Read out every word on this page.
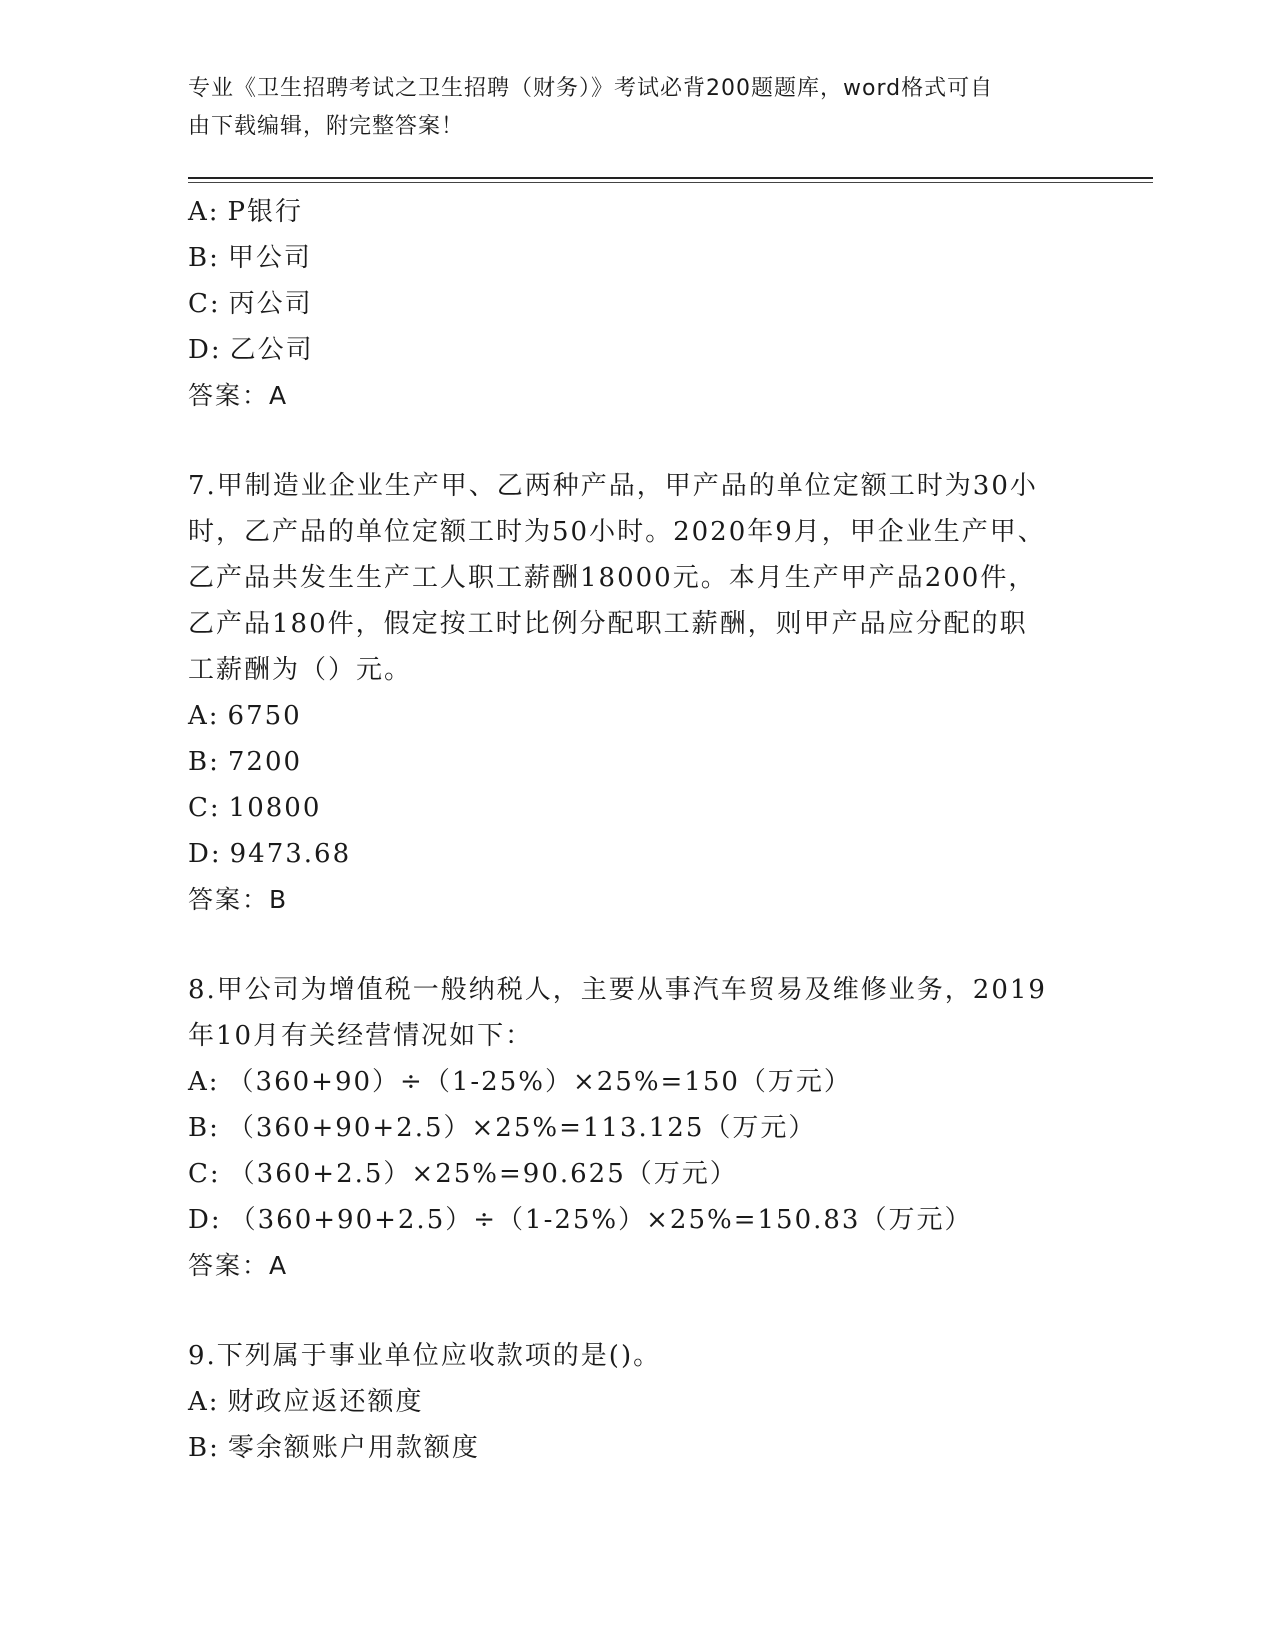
专业《卫生招聘考试之卫生招聘（财务）》考试必背200题题库，word格式可自
由下载编辑，附完整答案！
A: P银行
B: 甲公司
C: 丙公司
D: 乙公司
答案：A
7.甲制造业企业生产甲、乙两种产品，甲产品的单位定额工时为30小
时，乙产品的单位定额工时为50小时。2020年9月，甲企业生产甲、
乙产品共发生生产工人职工薪酬18000元。本月生产甲产品200件，
乙产品180件，假定按工时比例分配职工薪酬，则甲产品应分配的职
工薪酬为（）元。
A: 6750
B: 7200
C: 10800
D: 9473.68
答案：B
8.甲公司为增值税一般纳税人，主要从事汽车贸易及维修业务，2019
年10月有关经营情况如下：
A: （360+90）÷（1-25%）×25%=150（万元）
B: （360+90+2.5）×25%=113.125（万元）
C: （360+2.5）×25%=90.625（万元）
D: （360+90+2.5）÷（1-25%）×25%=150.83（万元）
答案：A
9.下列属于事业单位应收款项的是()。
A: 财政应返还额度
B: 零余额账户用款额度
